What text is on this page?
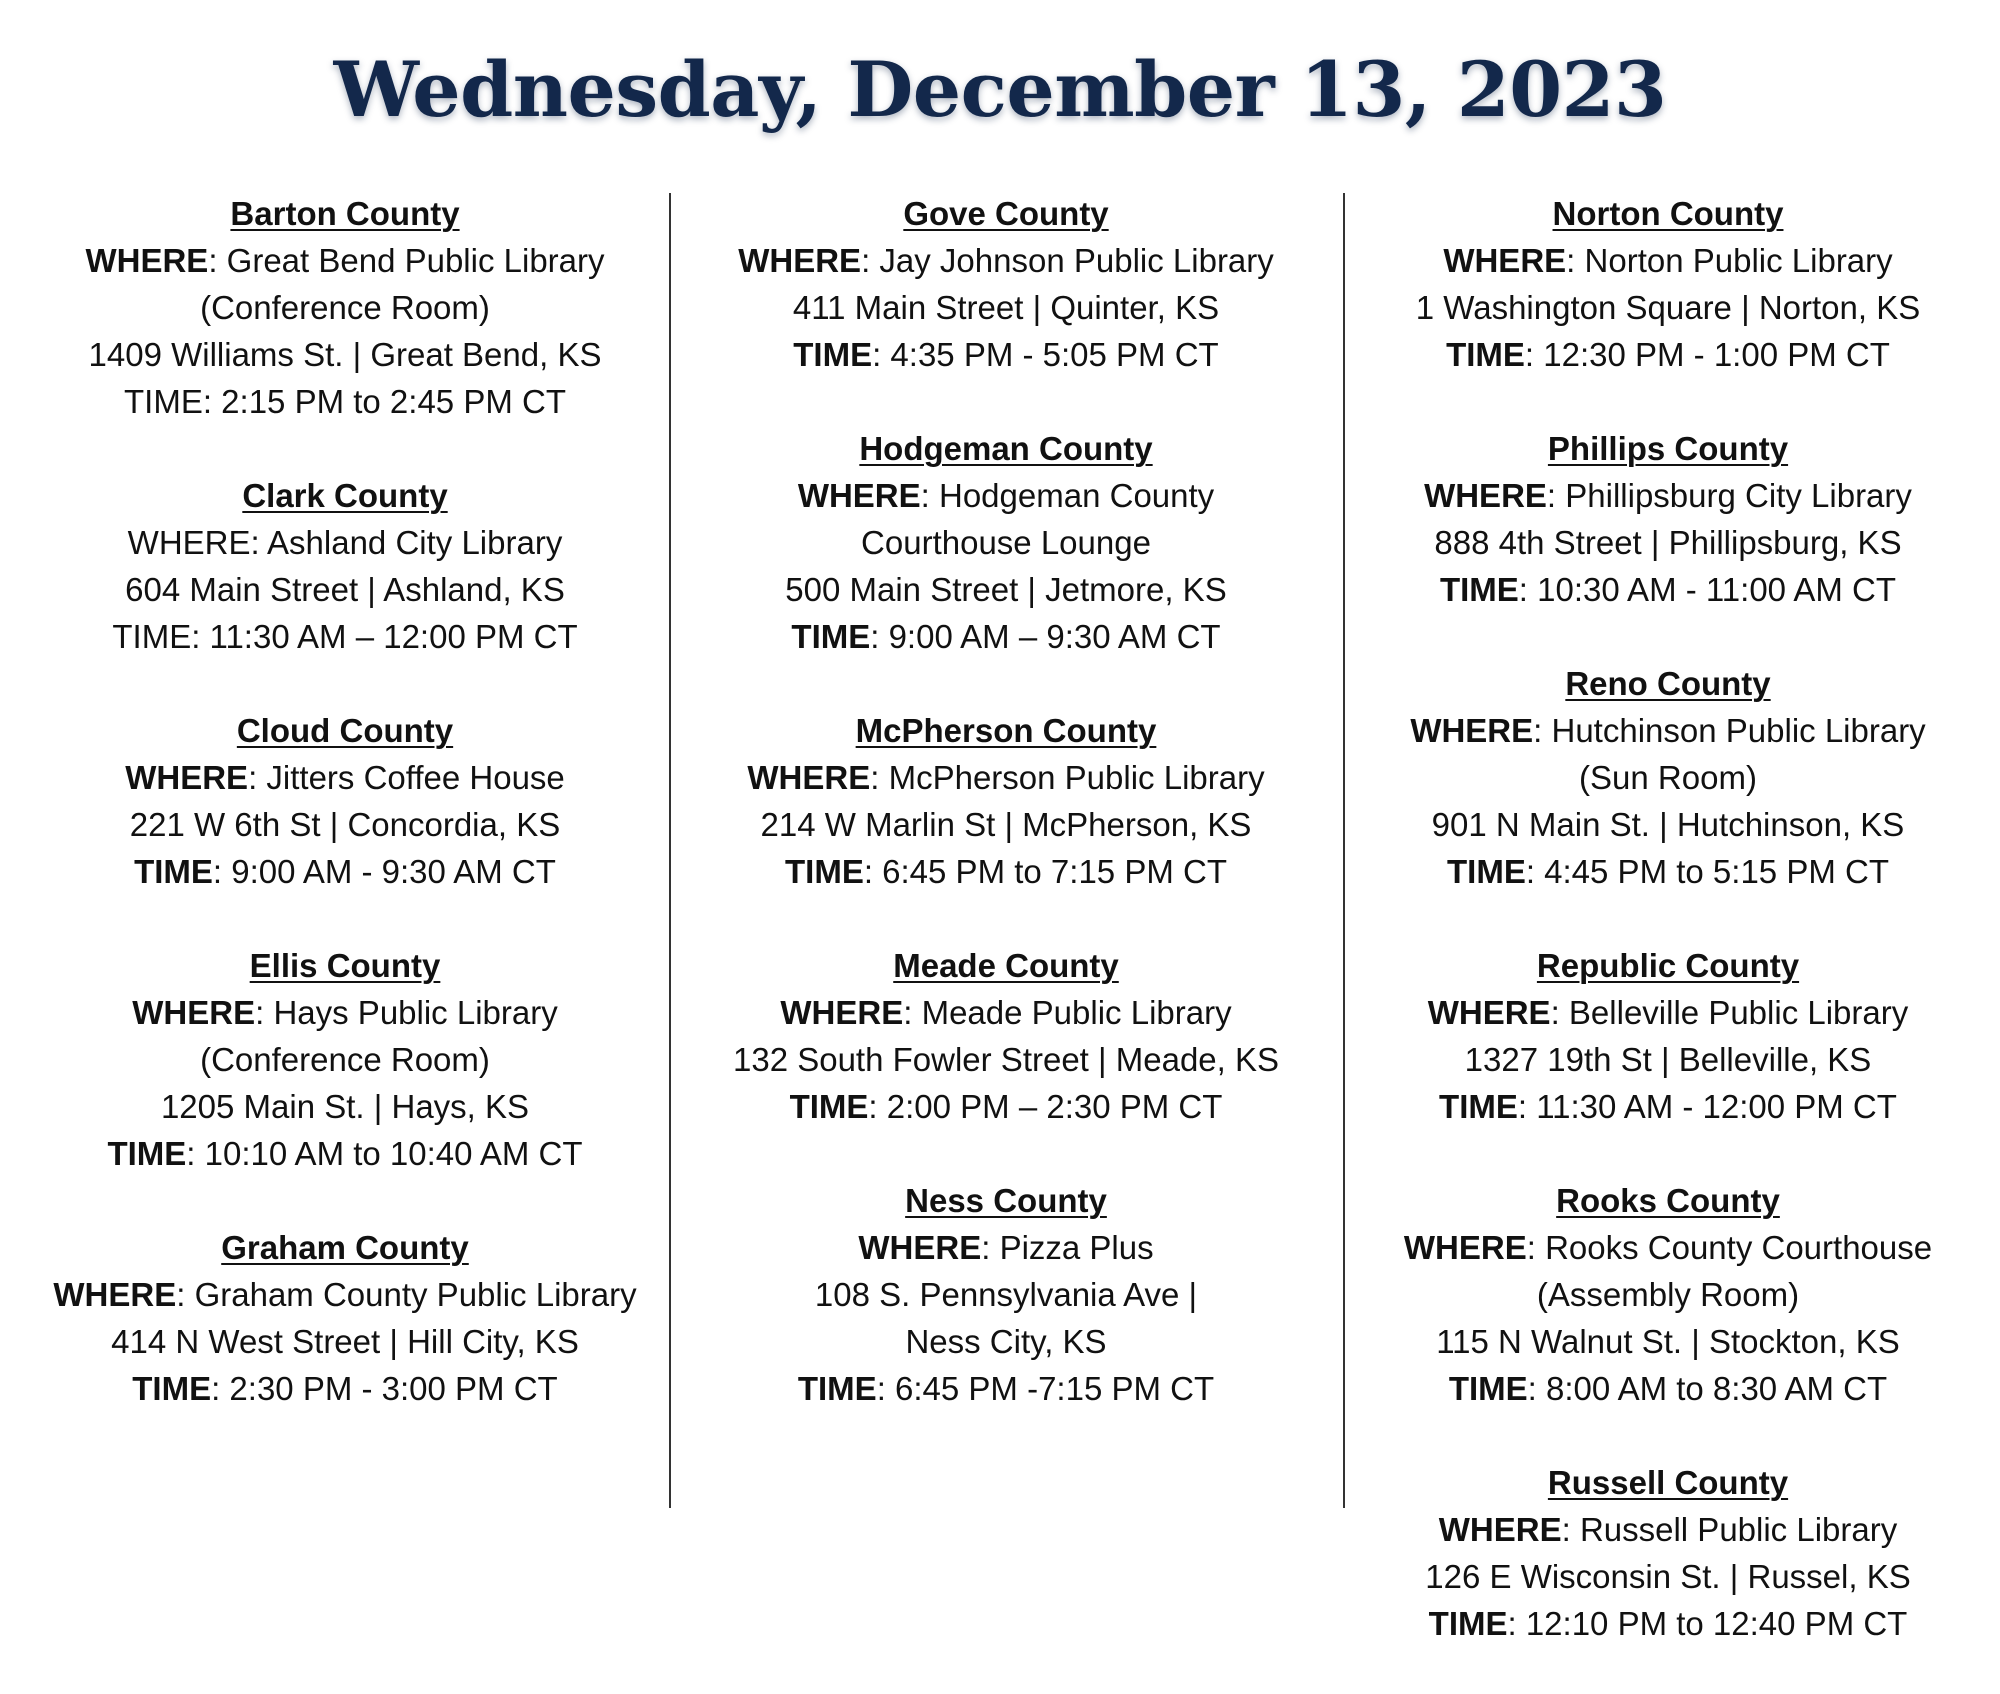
Wednesday, December 13, 2023
Barton County
WHERE: Great Bend Public Library
(Conference Room)
1409 Williams St. | Great Bend, KS
TIME: 2:15 PM to 2:45 PM CT
Clark County
WHERE: Ashland City Library
604 Main Street | Ashland, KS
TIME: 11:30 AM – 12:00 PM CT
Cloud County
WHERE: Jitters Coffee House
221 W 6th St | Concordia, KS
TIME: 9:00 AM - 9:30 AM CT
Ellis County
WHERE: Hays Public Library
(Conference Room)
1205 Main St. | Hays, KS
TIME: 10:10 AM to 10:40 AM CT
Graham County
WHERE: Graham County Public Library
414 N West Street | Hill City, KS
TIME: 2:30 PM - 3:00 PM CT
Gove County
WHERE: Jay Johnson Public Library
411 Main Street | Quinter, KS
TIME: 4:35 PM - 5:05 PM CT
Hodgeman County
WHERE: Hodgeman County
Courthouse Lounge
500 Main Street | Jetmore, KS
TIME: 9:00 AM – 9:30 AM CT
McPherson County
WHERE: McPherson Public Library
214 W Marlin St | McPherson, KS
TIME: 6:45 PM to 7:15 PM CT
Meade County
WHERE: Meade Public Library
132 South Fowler Street | Meade, KS
TIME: 2:00 PM – 2:30 PM CT
Ness County
WHERE: Pizza Plus
108 S. Pennsylvania Ave |
Ness City, KS
TIME: 6:45 PM -7:15 PM CT
Norton County
WHERE: Norton Public Library
1 Washington Square | Norton, KS
TIME: 12:30 PM - 1:00 PM CT
Phillips County
WHERE: Phillipsburg City Library
888 4th Street | Phillipsburg, KS
TIME: 10:30 AM - 11:00 AM CT
Reno County
WHERE: Hutchinson Public Library
(Sun Room)
901 N Main St. | Hutchinson, KS
TIME: 4:45 PM to 5:15 PM CT
Republic County
WHERE: Belleville Public Library
1327 19th St | Belleville, KS
TIME: 11:30 AM - 12:00 PM CT
Rooks County
WHERE: Rooks County Courthouse
(Assembly Room)
115 N Walnut St. | Stockton, KS
TIME: 8:00 AM to 8:30 AM CT
Russell County
WHERE: Russell Public Library
126 E Wisconsin St. | Russel, KS
TIME: 12:10 PM to 12:40 PM CT
